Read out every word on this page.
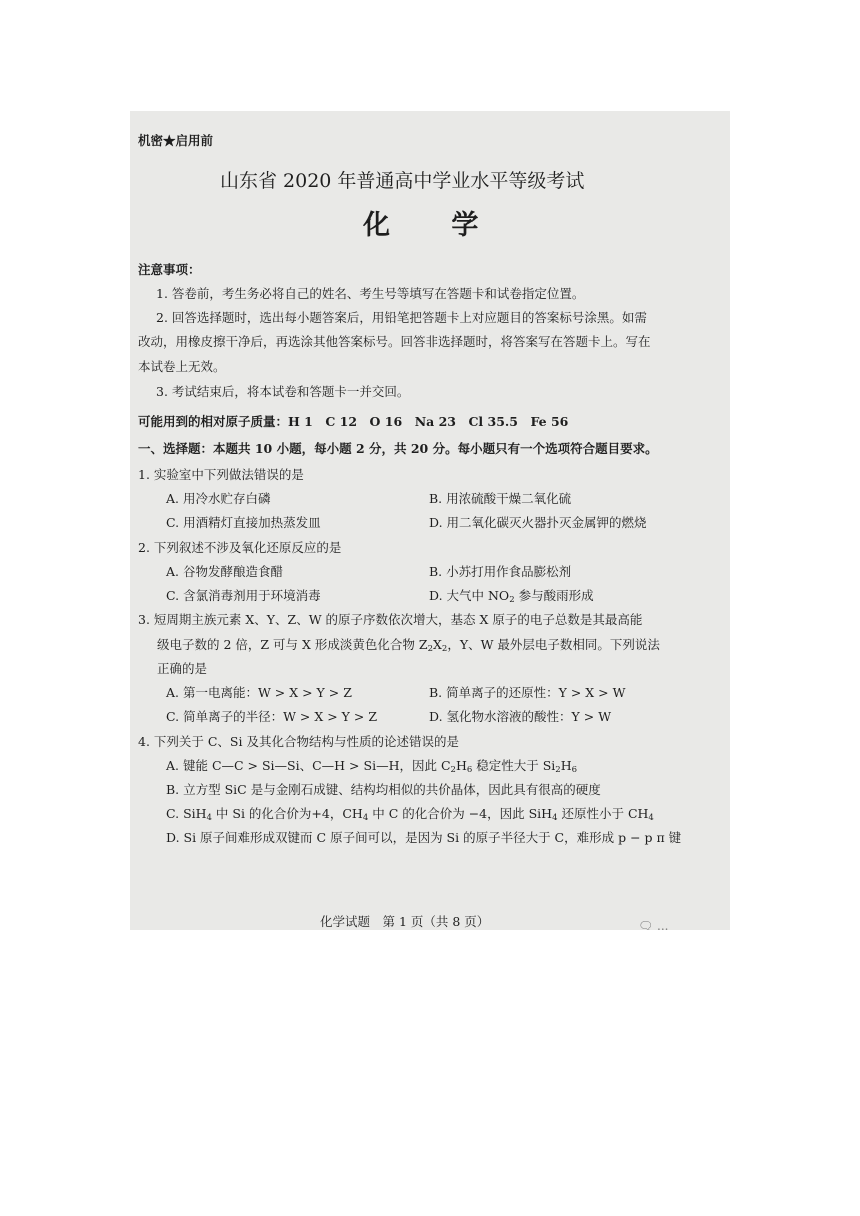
机密★启用前
山东省 2020 年普通高中学业水平等级考试
化 学
注意事项：
1. 答卷前，考生务必将自己的姓名、考生号等填写在答题卡和试卷指定位置。
2. 回答选择题时，选出每小题答案后，用铅笔把答题卡上对应题目的答案标号涂黑。如需
改动，用橡皮擦干净后，再选涂其他答案标号。回答非选择题时，将答案写在答题卡上。写在
本试卷上无效。
3. 考试结束后，将本试卷和答题卡一并交回。
可能用到的相对原子质量：H 1　C 12　O 16　Na 23　Cl 35.5　Fe 56
一、选择题：本题共 10 小题，每小题 2 分，共 20 分。每小题只有一个选项符合题目要求。
1. 实验室中下列做法错误的是
A. 用冷水贮存白磷	B. 用浓硫酸干燥二氧化硫
C. 用酒精灯直接加热蒸发皿	D. 用二氧化碳灭火器扑灭金属钾的燃烧
2. 下列叙述不涉及氧化还原反应的是
A. 谷物发酵酿造食醋	B. 小苏打用作食品膨松剂
C. 含氯消毒剂用于环境消毒	D. 大气中 $NO_2$ 参与酸雨形成
3. 短周期主族元素 X、Y、Z、W 的原子序数依次增大，基态 X 原子的电子总数是其最高能
级电子数的 2 倍，Z 可与 X 形成淡黄色化合物 $Z_2X_2$，Y、W 最外层电子数相同。下列说法
正确的是
A. 第一电离能：W > X > Y > Z	B. 简单离子的还原性：Y > X > W
C. 简单离子的半径：W > X > Y > Z	D. 氢化物水溶液的酸性：Y > W
4. 下列关于 C、Si 及其化合物结构与性质的论述错误的是
A. 键能 C—C > Si—Si、C—H > Si—H，因此 $C_2H_6$ 稳定性大于 $Si_2H_6$
B. 立方型 SiC 是与金刚石成键、结构均相似的共价晶体，因此具有很高的硬度
C. SiH$_4$ 中 Si 的化合价为+4，$CH_4$ 中 C 的化合价为 −4，因此 SiH$_4$ 还原性小于 $CH_4$
D. Si 原子间难形成双键而 C 原子间可以，是因为 Si 的原子半径大于 C，难形成 p − p π 键
化学试题　第 1 页（共 8 页）	🗨 ...
